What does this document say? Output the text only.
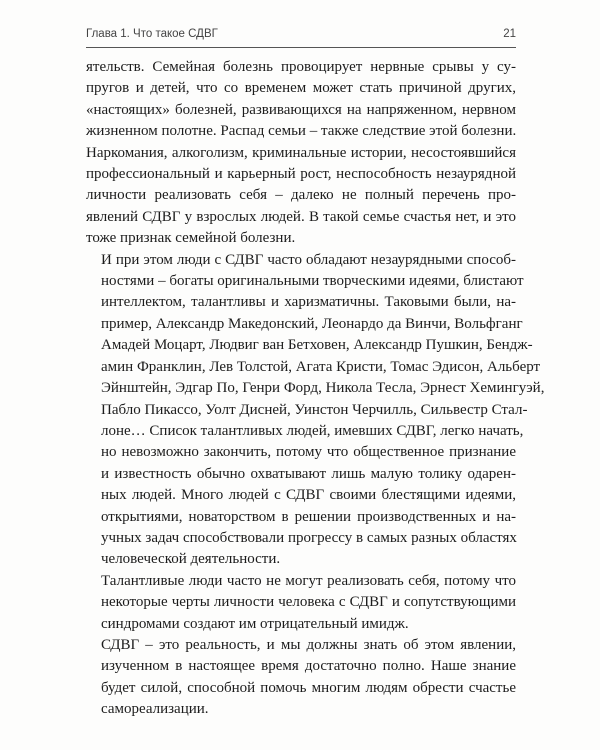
Глава 1. Что такое СДВГ	21

ятельств. Семейная болезнь провоцирует нервные срывы у су-
пругов и детей, что со временем может стать причиной других,
«настоящих» болезней, развивающихся на напряженном, нервном
жизненном полотне. Распад семьи – также следствие этой болезни.
Наркомания, алкоголизм, криминальные истории, несостоявшийся
профессиональный и карьерный рост, неспособность незаурядной
личности реализовать себя – далеко не полный перечень про-
явлений СДВГ у взрослых людей. В такой семье счастья нет, и это
тоже признак семейной болезни.

И при этом люди с СДВГ часто обладают незаурядными способ-
ностями – богаты оригинальными творческими идеями, блистают
интеллектом, талантливы и харизматичны. Таковыми были, на-
пример, Александр Македонский, Леонардо да Винчи, Вольфганг
Амадей Моцарт, Людвиг ван Бетховен, Александр Пушкин, Бендж-
амин Франклин, Лев Толстой, Агата Кристи, Томас Эдисон, Альберт
Эйнштейн, Эдгар По, Генри Форд, Никола Тесла, Эрнест Хемингуэй,
Пабло Пикассо, Уолт Дисней, Уинстон Черчилль, Сильвестр Стал-
лоне… Список талантливых людей, имевших СДВГ, легко начать,
но невозможно закончить, потому что общественное признание
и известность обычно охватывают лишь малую толику одарен-
ных людей. Много людей с СДВГ своими блестящими идеями,
открытиями, новаторством в решении производственных и на-
учных задач способствовали прогрессу в самых разных областях
человеческой деятельности.

Талантливые люди часто не могут реализовать себя, потому что
некоторые черты личности человека с СДВГ и сопутствующими
синдромами создают им отрицательный имидж.

СДВГ – это реальность, и мы должны знать об этом явлении,
изученном в настоящее время достаточно полно. Наше знание
будет силой, способной помочь многим людям обрести счастье
самореализации.
